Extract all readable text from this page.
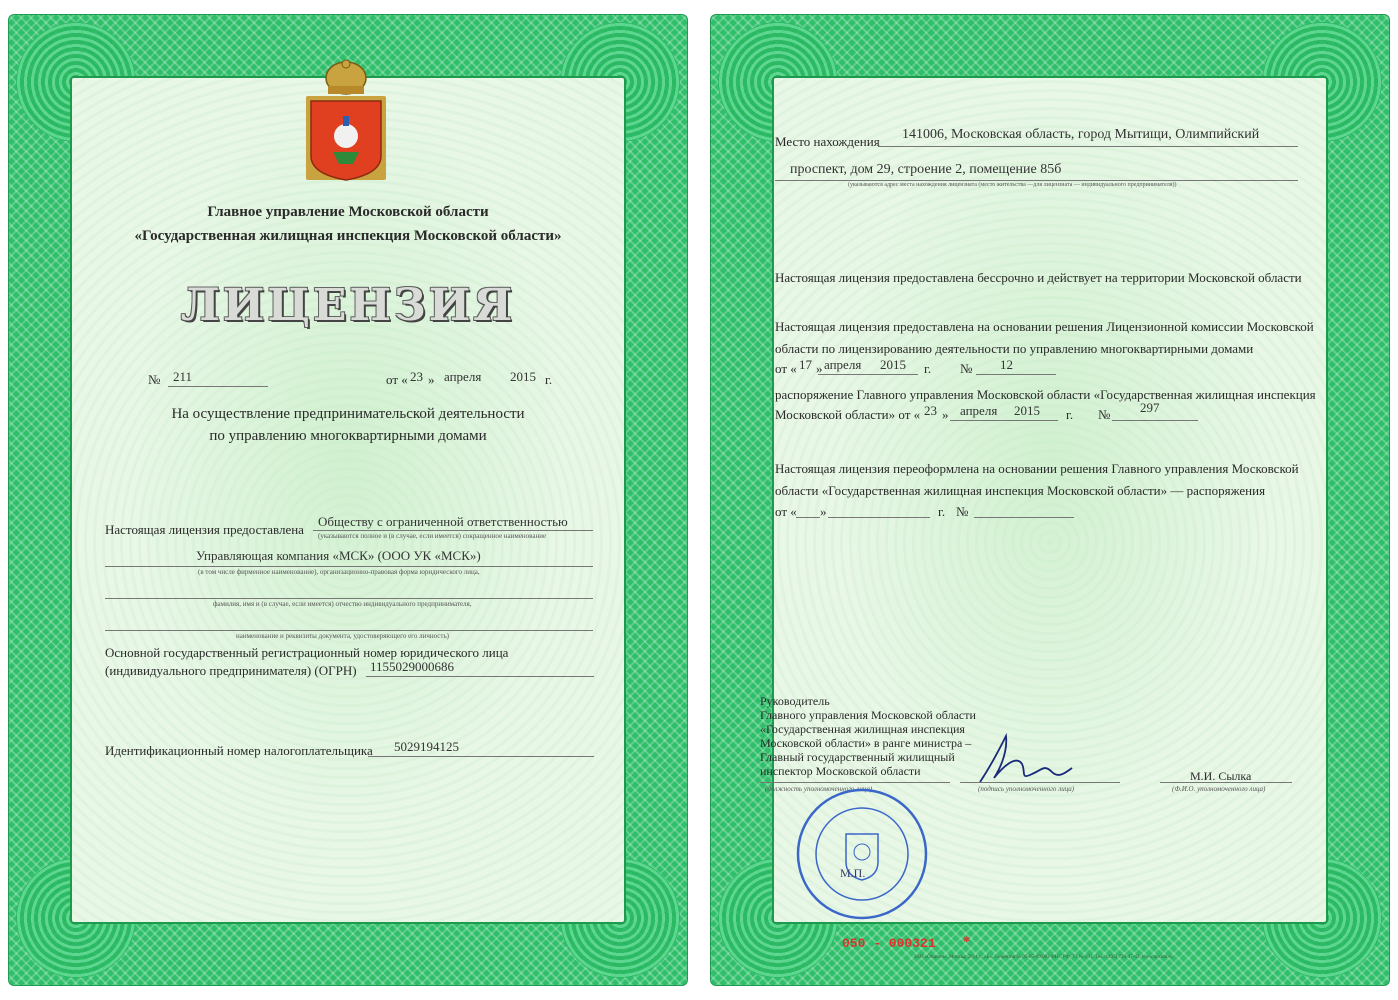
Главное управление Московской области
«Государственная жилищная инспекция Московской области»
ЛИЦЕНЗИЯ
№ 211	от « 23 » апреля 2015 г.
На осуществление предпринимательской деятельности
по управлению многоквартирными домами
Настоящая лицензия предоставлена
Обществу с ограниченной ответственностью
(указываются полное и (в случае, если имеется) сокращенное наименование
Управляющая компания «МСК» (ООО УК «МСК»)
(в том числе фирменное наименование), организационно-правовая форма юридического лица,
фамилия, имя и (в случае, если имеется) отчество индивидуального предпринимателя,
наименование и реквизиты документа, удостоверяющего его личность)
Основной государственный регистрационный номер юридического лица
(индивидуального предпринимателя) (ОГРН) 1155029000686
Идентификационный номер налогоплательщика 5029194125
Место нахождения 141006, Московская область, город Мытищи, Олимпийский
проспект, дом 29, строение 2, помещение 85б
(указываются адрес места нахождения лицензиата (место жительства —для лицензиата — индивидуального предпринимателя))
Настоящая лицензия предоставлена бессрочно и действует на территории Московской области
Настоящая лицензия предоставлена на основании решения Лицензионной комиссии Московской
области по лицензированию деятельности по управлению многоквартирными домами
от « 17 » апреля 2015 г. № 12
распоряжение Главного управления Московской области «Государственная жилищная инспекция
Московской области» от « 23 » апреля 2015 г. № 297
Настоящая лицензия переоформлена на основании решения Главного управления Московской
области «Государственная жилищная инспекция Московской области» — распоряжения
от « »	г. №
Руководитель
Главного управления Московской области
«Государственная жилищная инспекция
Московской области» в ранге министра –
Главный государственный жилищный
инспектор Московской области
(должность уполномоченного лица)	(подпись уполномоченного лица)
М.И. Сылка
(Ф.И.О. уполномоченного лица)
М.П.
050 - 000321 *
ЗАО «Опцион», Москва, 2014 г., «Б». Лицензия № 05-05-09/003 ФНС РФ, ТЗ № 691. Тел.: (495) 726-47-42, www.opcion.ru
